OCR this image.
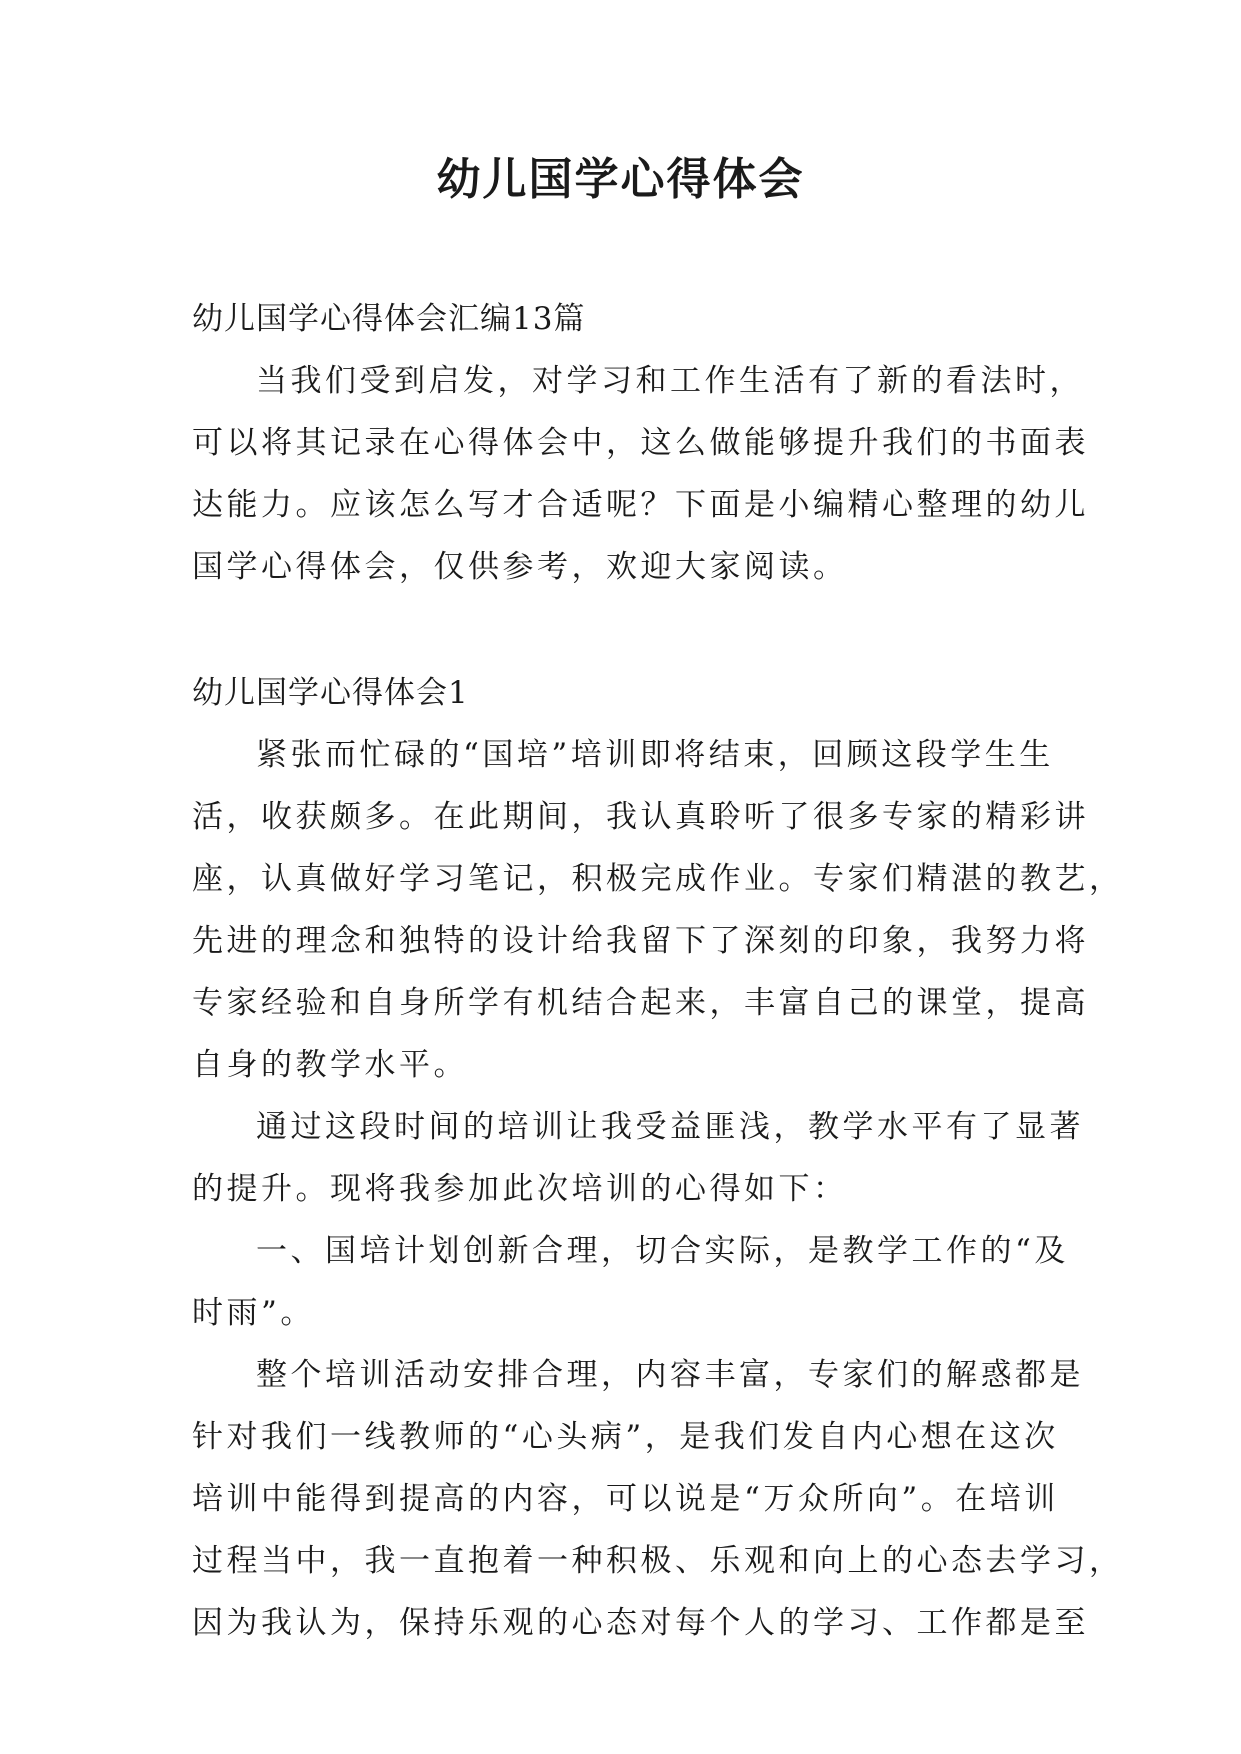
幼儿国学心得体会

幼儿国学心得体会汇编13篇

当我们受到启发，对学习和工作生活有了新的看法时，
可以将其记录在心得体会中，这么做能够提升我们的书面表
达能力。应该怎么写才合适呢？下面是小编精心整理的幼儿
国学心得体会，仅供参考，欢迎大家阅读。

幼儿国学心得体会1

紧张而忙碌的“国培”培训即将结束，回顾这段学生生
活，收获颇多。在此期间，我认真聆听了很多专家的精彩讲
座，认真做好学习笔记，积极完成作业。专家们精湛的教艺，
先进的理念和独特的设计给我留下了深刻的印象，我努力将
专家经验和自身所学有机结合起来，丰富自己的课堂，提高
自身的教学水平。
通过这段时间的培训让我受益匪浅，教学水平有了显著
的提升。现将我参加此次培训的心得如下：
一、国培计划创新合理，切合实际，是教学工作的“及
时雨”。
整个培训活动安排合理，内容丰富，专家们的解惑都是
针对我们一线教师的“心头病”，是我们发自内心想在这次
培训中能得到提高的内容，可以说是“万众所向”。在培训
过程当中，我一直抱着一种积极、乐观和向上的心态去学习，
因为我认为，保持乐观的心态对每个人的学习、工作都是至
